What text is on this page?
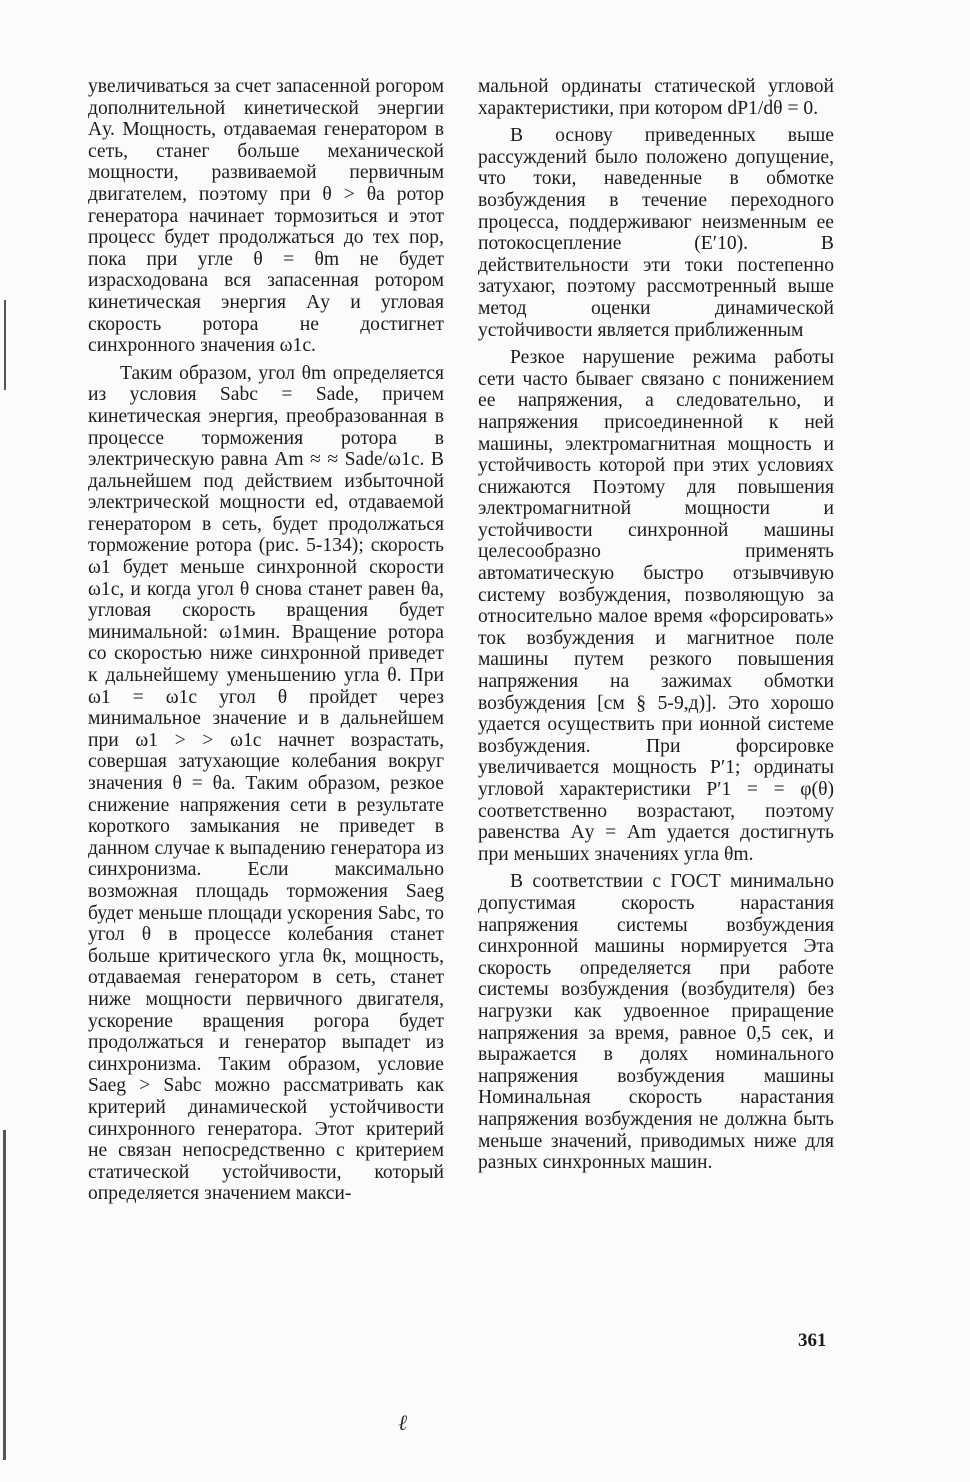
увеличиваться за счет запасенной рогором дополнительной кинетической энергии Aу. Мощность, отдаваемая генератором в сеть, станег больше механической мощности, развиваемой первичным двигателем, поэтому при θ > θa ротор генератора начинает тормозиться и этот процесс будет продолжаться до тех пор, пока при угле θ = θm не будет израсходована вся запасенная ротором кинетическая энергия Aу и угловая скорость ротора не достигнет синхронного значения ω1c.

Таким образом, угол θm определяется из условия Sabc = Sade, причем кинетическая энергия, преобразованная в процессе торможения ротора в электрическую равна Am ≈ ≈ Sade/ω1c. В дальнейшем под действием избыточной электрической мощности ed, отдаваемой генератором в сеть, будет продолжаться торможение ротора (рис. 5-134); скорость ω1 будет меньше синхронной скорости ω1c, и когда угол θ снова станет равен θa, угловая скорость вращения будет минимальной: ω1мин. Вращение ротора со скоростью ниже синхронной приведет к дальнейшему уменьшению угла θ. При ω1 = ω1c угол θ пройдет через минимальное значение и в дальнейшем при ω1 > > ω1c начнет возрастать, совершая затухающие колебания вокруг значения θ = θa. Таким образом, резкое снижение напряжения сети в результате короткого замыкания не приведет в данном случае к выпадению генератора из синхронизма. Если максимально возможная площадь торможения Saeg будет меньше площади ускорения Sabc, то угол θ в процессе колебания станет больше критического угла θк, мощность, отдаваемая генератором в сеть, станет ниже мощности первичного двигателя, ускорение вращения рогора будет продолжаться и генератор выпадет из синхронизма. Таким образом, условие Saeg > Sabc можно рассматривать как критерий динамической устойчивости синхронного генератора. Этот критерий не связан непосредственно с критерием статической устойчивости, который определяется значением макси-

мальной ординаты статической угловой характеристики, при котором dP1/dθ = 0.

В основу приведенных выше рассуждений было положено допущение, что токи, наведенные в обмотке возбуждения в течение переходного процесса, поддерживаюг неизменным ее потокосцепление (E′10). В действительности эти токи постепенно затухаюг, поэтому рассмотренный выше метод оценки динамической устойчивости является приближенным

Резкое нарушение режима работы сети часто бываег связано с понижением ее напряжения, а следовательно, и напряжения присоединенной к ней машины, электромагнитная мощность и устойчивость которой при этих условиях снижаются Поэтому для повышения электромагнитной мощноcти и устойчивости синхронной машины целесообразно применять автоматическую быстро отзывчивую систему возбуждения, позволяющую за относительно малое время «форсировать» ток возбуждения и магнитное поле машины путем резкого повышения напряжения на зажимах обмотки возбуждения [см § 5-9,д)]. Это хорошо удается осуществить при ионной системе возбуждения. При форсировке увеличивается мощность P′1; ординаты угловой характеристики P′1 = = φ(θ) соответственно возрастают, поэтому равенства Aу = Am удается достигнуть при меньших значениях угла θm.

В соответствии с ГОСТ минимально допустимая скорость нарастания напряжения системы возбуждения синхронной машины нормируется Эта скорость определяется при работе системы возбуждения (возбудителя) без нагрузки как удвоенное приращение напряжения за время, равное 0,5 сек, и выражается в долях номинального напряжения возбуждения машины Номинальная скорость нарастания напряжения возбуждения не должна быть меньше значений, приводимых ниже для разных синхронных машин.

361
ℓ
